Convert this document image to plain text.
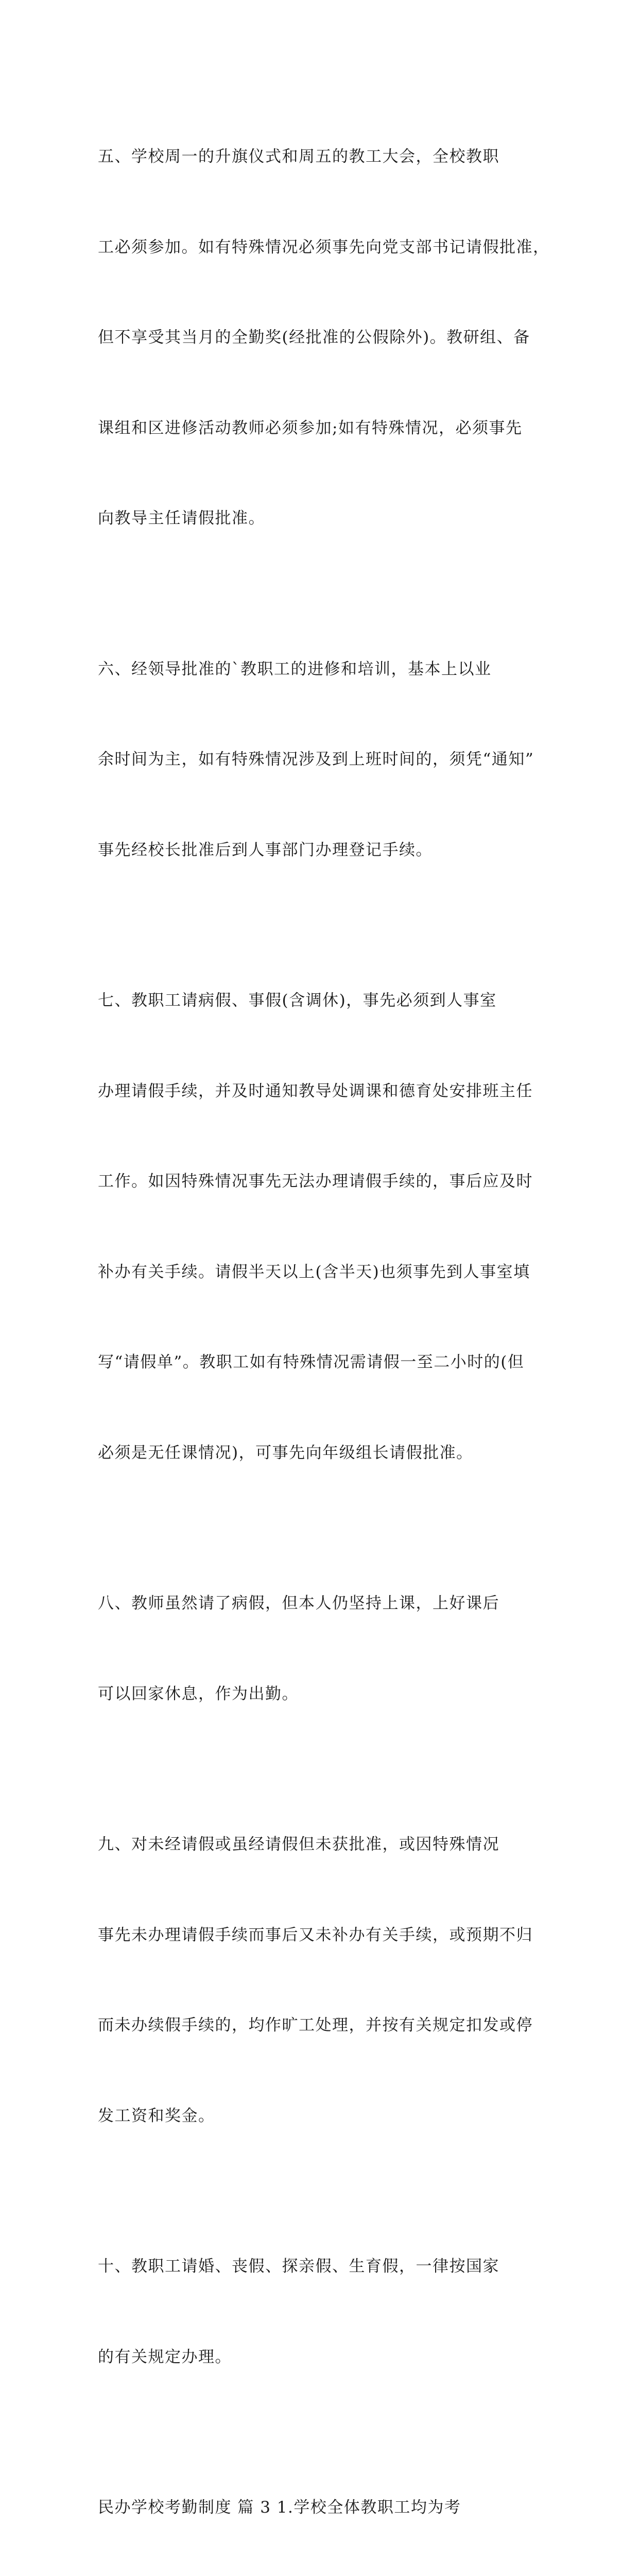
五、学校周一的升旗仪式和周五的教工大会，全校教职

工必须参加。如有特殊情况必须事先向党支部书记请假批准，

但不享受其当月的全勤奖(经批准的公假除外)。教研组、备

课组和区进修活动教师必须参加;如有特殊情况，必须事先

向教导主任请假批准。

六、经领导批准的`教职工的进修和培训，基本上以业

余时间为主，如有特殊情况涉及到上班时间的，须凭“通知”

事先经校长批准后到人事部门办理登记手续。

七、教职工请病假、事假(含调休)，事先必须到人事室

办理请假手续，并及时通知教导处调课和德育处安排班主任

工作。如因特殊情况事先无法办理请假手续的，事后应及时

补办有关手续。请假半天以上(含半天)也须事先到人事室填

写“请假单”。教职工如有特殊情况需请假一至二小时的(但

必须是无任课情况)，可事先向年级组长请假批准。

八、教师虽然请了病假，但本人仍坚持上课，上好课后

可以回家休息，作为出勤。

九、对未经请假或虽经请假但未获批准，或因特殊情况

事先未办理请假手续而事后又未补办有关手续，或预期不归

而未办续假手续的，均作旷工处理，并按有关规定扣发或停

发工资和奖金。

十、教职工请婚、丧假、探亲假、生育假，一律按国家

的有关规定办理。

民办学校考勤制度 篇 3 1.学校全体教职工均为考
